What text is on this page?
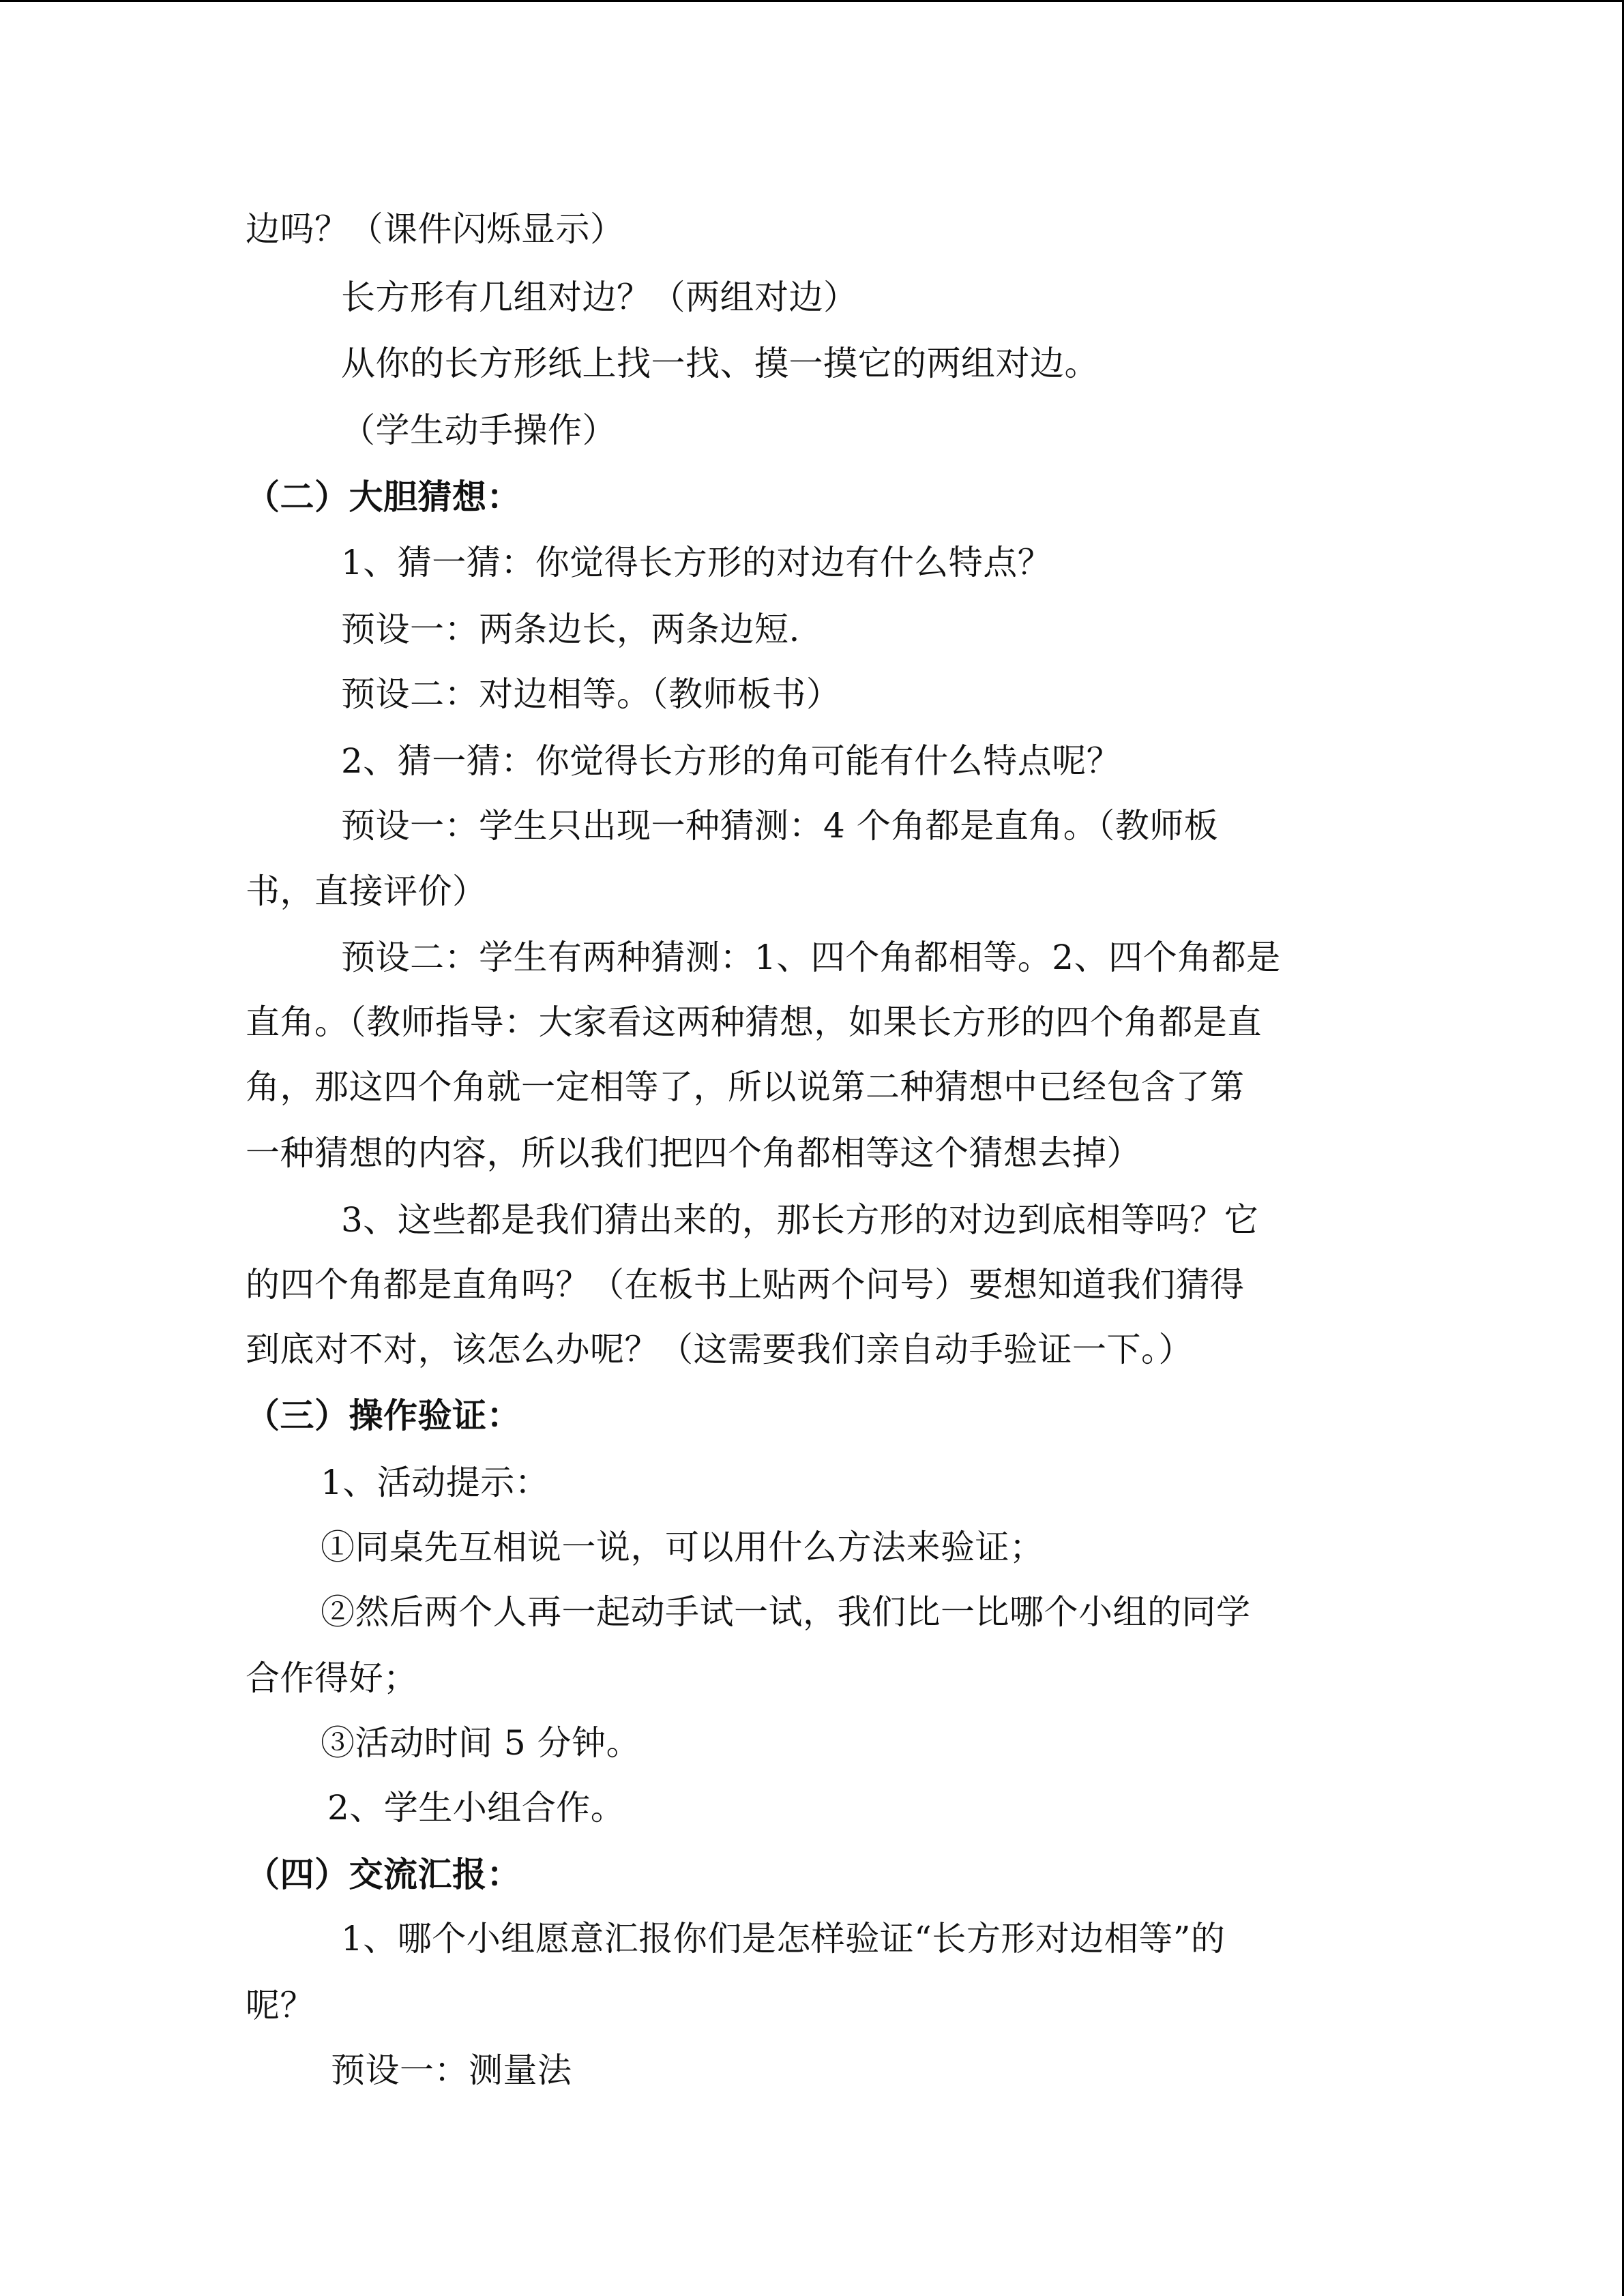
边吗？（课件闪烁显示）
长方形有几组对边？（两组对边）
从你的长方形纸上找一找、摸一摸它的两组对边。
（学生动手操作）
（二）大胆猜想：
1、猜一猜：你觉得长方形的对边有什么特点？
预设一：两条边长，两条边短.
预设二：对边相等。（教师板书）
2、猜一猜：你觉得长方形的角可能有什么特点呢？
预设一：学生只出现一种猜测：4 个角都是直角。（教师板
书，直接评价）
预设二：学生有两种猜测：1、四个角都相等。2、四个角都是
直角。（教师指导：大家看这两种猜想，如果长方形的四个角都是直
角，那这四个角就一定相等了，所以说第二种猜想中已经包含了第
一种猜想的内容，所以我们把四个角都相等这个猜想去掉）
3、这些都是我们猜出来的，那长方形的对边到底相等吗？它
的四个角都是直角吗？（在板书上贴两个问号）要想知道我们猜得
到底对不对，该怎么办呢？（这需要我们亲自动手验证一下。）
（三）操作验证：
1、活动提示：
①同桌先互相说一说，可以用什么方法来验证；
②然后两个人再一起动手试一试，我们比一比哪个小组的同学
合作得好；
③活动时间 5 分钟。
2、学生小组合作。
（四）交流汇报：
1、哪个小组愿意汇报你们是怎样验证“长方形对边相等”的
呢？
预设一：测量法
